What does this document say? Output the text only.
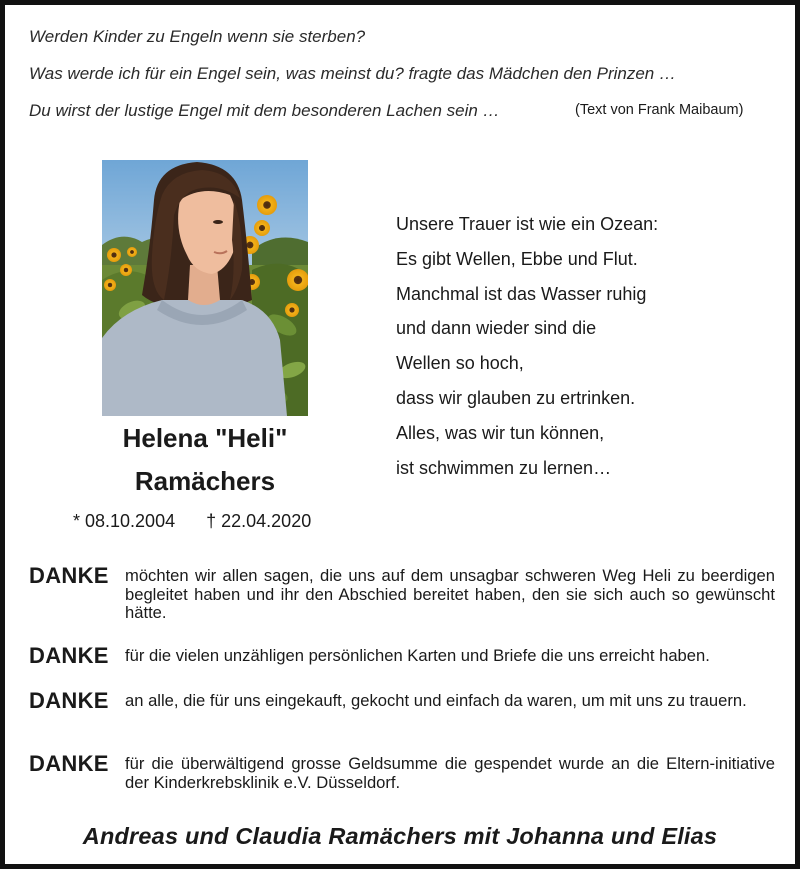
Werden Kinder zu Engeln wenn sie sterben?
Was werde ich für ein Engel sein, was meinst du? fragte das Mädchen den Prinzen …
Du wirst der lustige Engel mit dem besonderen Lachen sein …	(Text von Frank Maibaum)
Helena "Heli"
Ramächers
* 08.10.2004 † 22.04.2020
Unsere Trauer ist wie ein Ozean:
Es gibt Wellen, Ebbe und Flut.
Manchmal ist das Wasser ruhig
und dann wieder sind die
Wellen so hoch,
dass wir glauben zu ertrinken.
Alles, was wir tun können,
ist schwimmen zu lernen…
DANKE möchten wir allen sagen, die uns auf dem unsagbar schweren Weg Heli zu beerdigen begleitet haben und ihr den Abschied bereitet haben, den sie sich auch so gewünscht hätte.
DANKE für die vielen unzähligen persönlichen Karten und Briefe die uns erreicht haben.
DANKE an alle, die für uns eingekauft, gekocht und einfach da waren, um mit uns zu trauern.
DANKE für die überwältigend grosse Geldsumme die gespendet wurde an die Eltern-initiative der Kinderkrebsklinik e.V. Düsseldorf.
Andreas und Claudia Ramächers mit Johanna und Elias
